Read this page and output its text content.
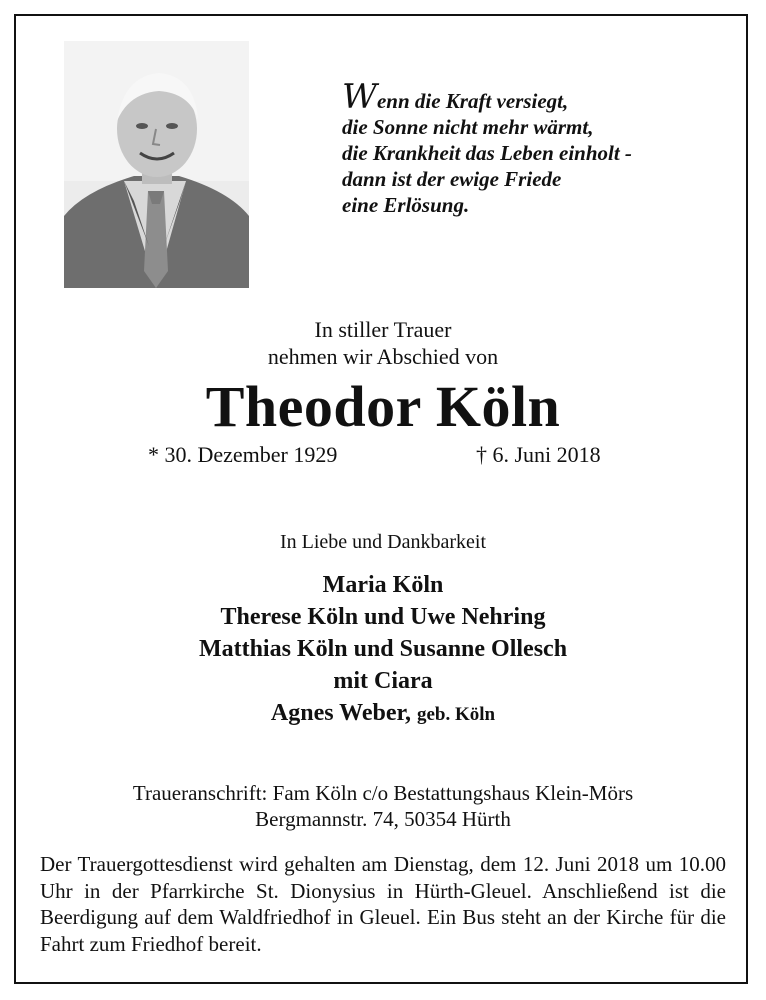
Wenn die Kraft versiegt,
die Sonne nicht mehr wärmt,
die Krankheit das Leben einholt -
dann ist der ewige Friede
eine Erlösung.
In stiller Trauer
nehmen wir Abschied von
Theodor Köln
* 30. Dezember 1929	† 6. Juni 2018
In Liebe und Dankbarkeit
Maria Köln
Therese Köln und Uwe Nehring
Matthias Köln und Susanne Ollesch
mit Ciara
Agnes Weber, geb. Köln
Traueranschrift: Fam Köln c/o Bestattungshaus Klein-Mörs
Bergmannstr. 74, 50354 Hürth
Der Trauergottesdienst wird gehalten am Dienstag, dem 12. Juni 2018 um 10.00 Uhr in der Pfarrkirche St. Dionysius in Hürth-Gleuel. Anschließend ist die Beerdigung auf dem Waldfriedhof in Gleuel. Ein Bus steht an der Kirche für die Fahrt zum Friedhof bereit.
